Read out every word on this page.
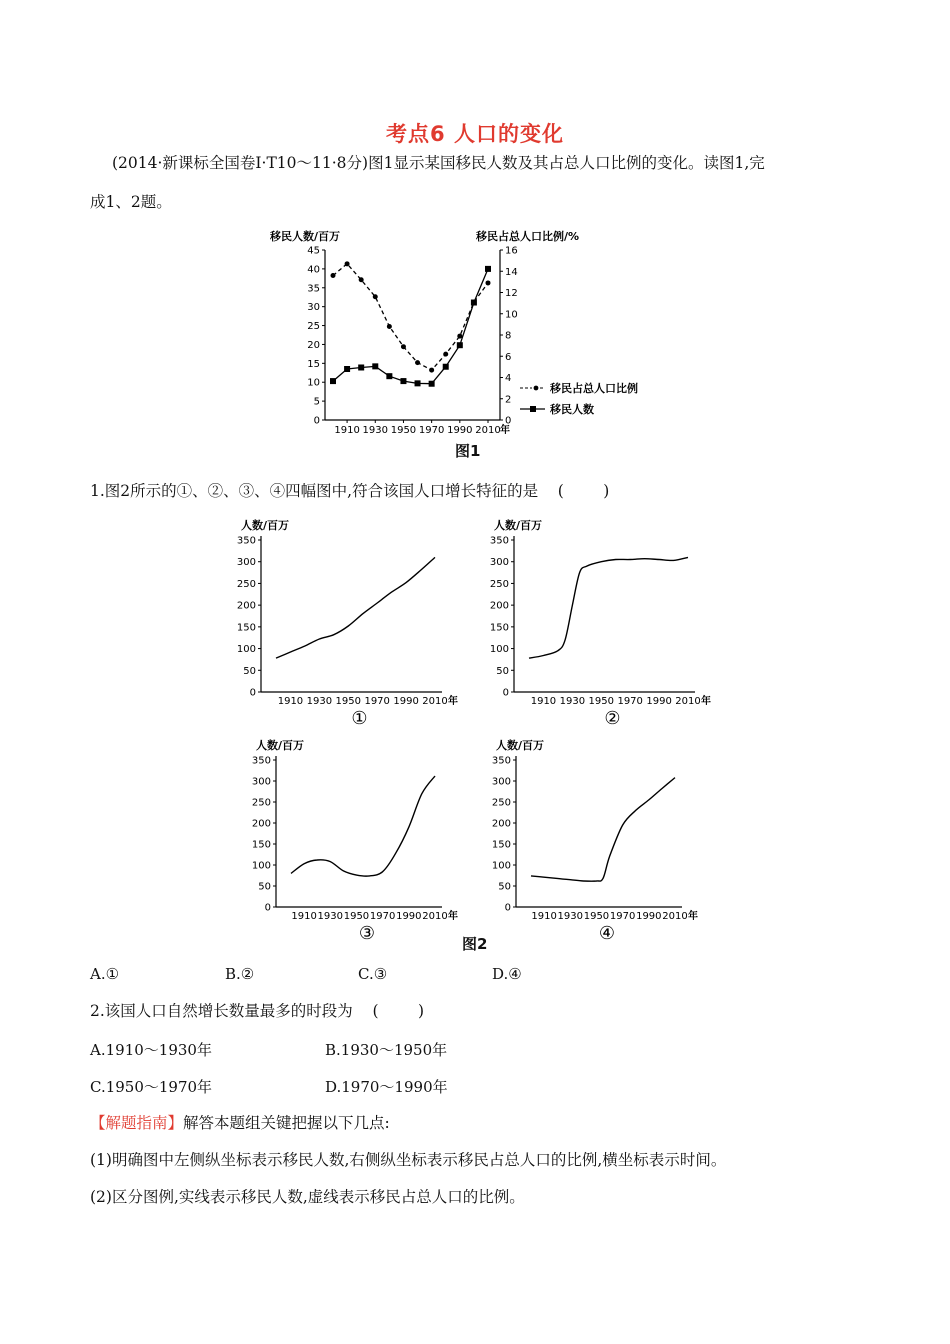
考点6 人口的变化
(2014·新课标全国卷Ⅰ·T10～11·8分)图1显示某国移民人数及其占总人口比例的变化。读图1,完
成1、2题。
移民人数/百万	移民占总人口比例/%
0
5
10
15
20
25
30
35
40
45
0
2
4
6
8
10
12
14
16
1910 1930 1950 1970 1990 2010 年
移民占总人口比例
移民人数
图1
1.图2所示的①、②、③、④四幅图中,符合该国人口增长特征的是    (        )
人数/百万
0
50
100
150
200
250
300
350
1910 1930 1950 1970 1990 2010 年
①
人数/百万
0
50
100
150
200
250
300
350
1910 1930 1950 1970 1990 2010 年
②
人数/百万
0
50
100
150
200
250
300
350
1910 1930 1950 1970 1990 2010 年
③
人数/百万
0
50
100
150
200
250
300
350
1910 1930 1950 1970 1990 2010 年
④
图2
A.①	B.②	C.③	D.④
2.该国人口自然增长数量最多的时段为    (        )
A.1910～1930年	B.1930～1950年
C.1950～1970年	D.1970～1990年
【解题指南】解答本题组关键把握以下几点:
(1)明确图中左侧纵坐标表示移民人数,右侧纵坐标表示移民占总人口的比例,横坐标表示时间。
(2)区分图例,实线表示移民人数,虚线表示移民占总人口的比例。
